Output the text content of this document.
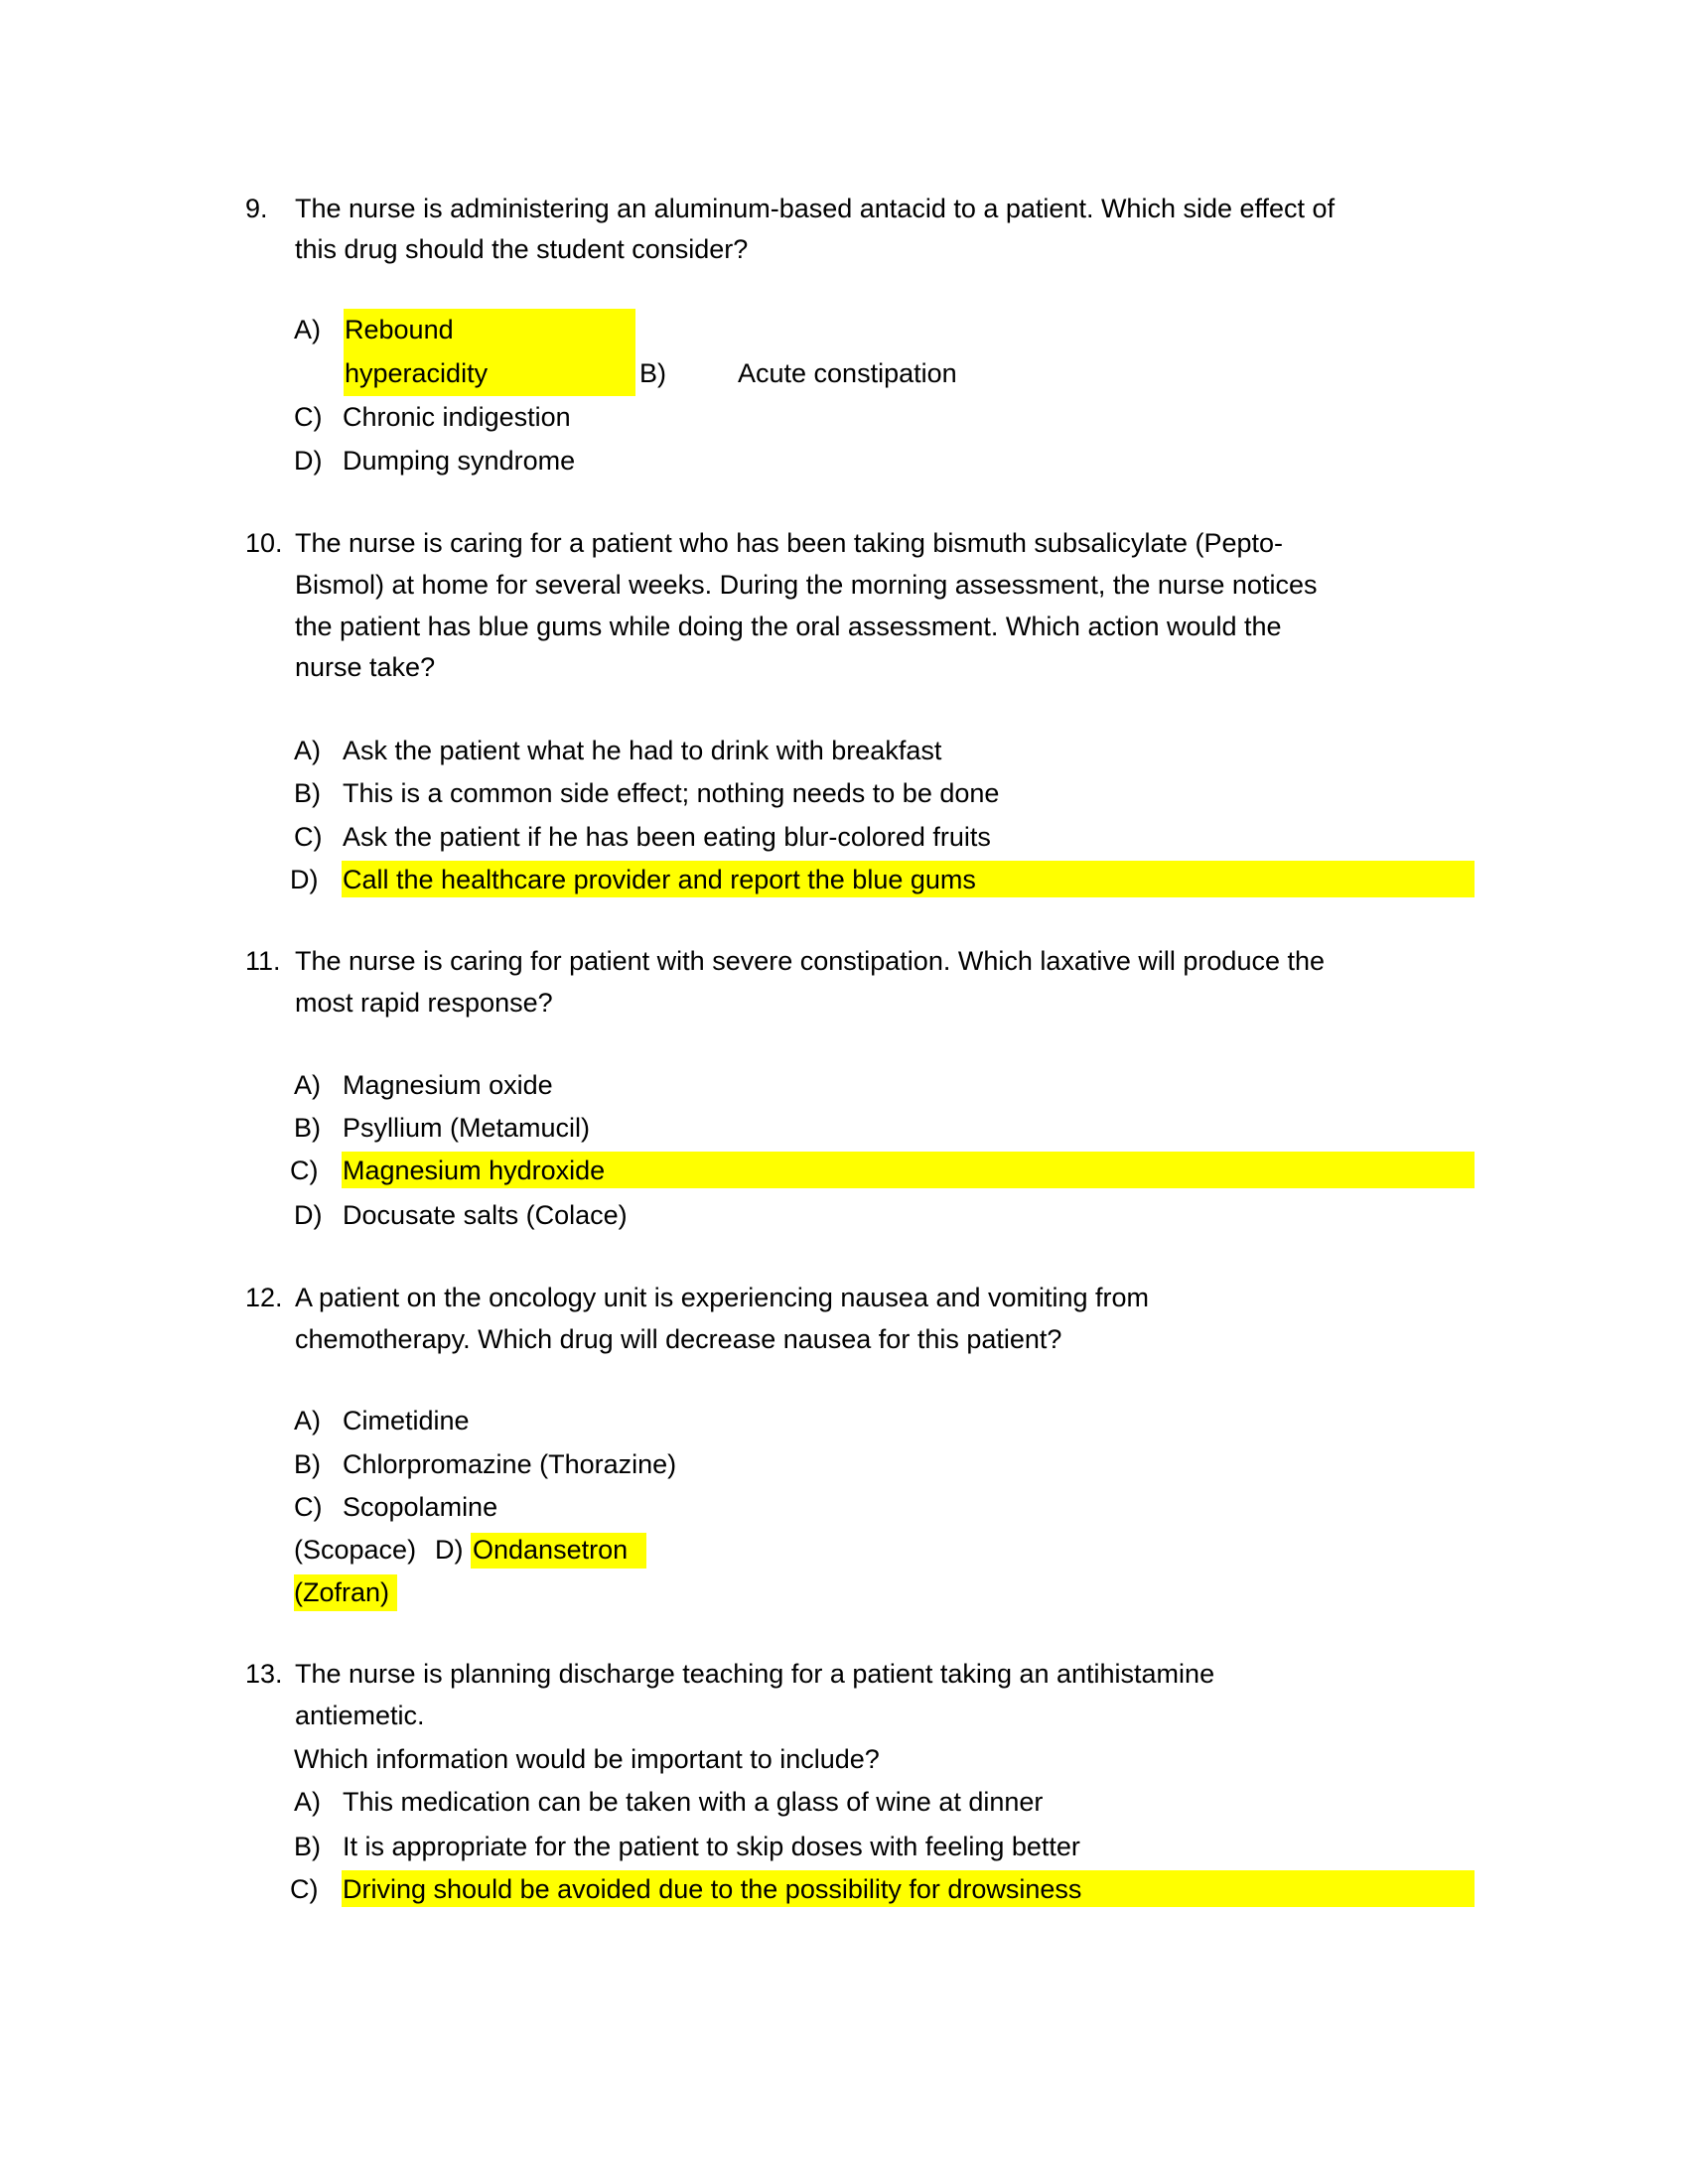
9. The nurse is administering an aluminum-based antacid to a patient. Which side effect of
this drug should the student consider?
A) Rebound
hyperacidity	B)	Acute constipation
C) Chronic indigestion
D) Dumping syndrome
10. The nurse is caring for a patient who has been taking bismuth subsalicylate (Pepto-
Bismol) at home for several weeks. During the morning assessment, the nurse notices
the patient has blue gums while doing the oral assessment. Which action would the
nurse take?
A) Ask the patient what he had to drink with breakfast
B) This is a common side effect; nothing needs to be done
C) Ask the patient if he has been eating blur-colored fruits
D) Call the healthcare provider and report the blue gums
11. The nurse is caring for patient with severe constipation. Which laxative will produce the
most rapid response?
A) Magnesium oxide
B) Psyllium (Metamucil)
C) Magnesium hydroxide
D) Docusate salts (Colace)
12. A patient on the oncology unit is experiencing nausea and vomiting from
chemotherapy. Which drug will decrease nausea for this patient?
A) Cimetidine
B) Chlorpromazine (Thorazine)
C) Scopolamine
(Scopace) D) Ondansetron
(Zofran)
13. The nurse is planning discharge teaching for a patient taking an antihistamine
antiemetic.
Which information would be important to include?
A) This medication can be taken with a glass of wine at dinner
B) It is appropriate for the patient to skip doses with feeling better
C) Driving should be avoided due to the possibility for drowsiness
